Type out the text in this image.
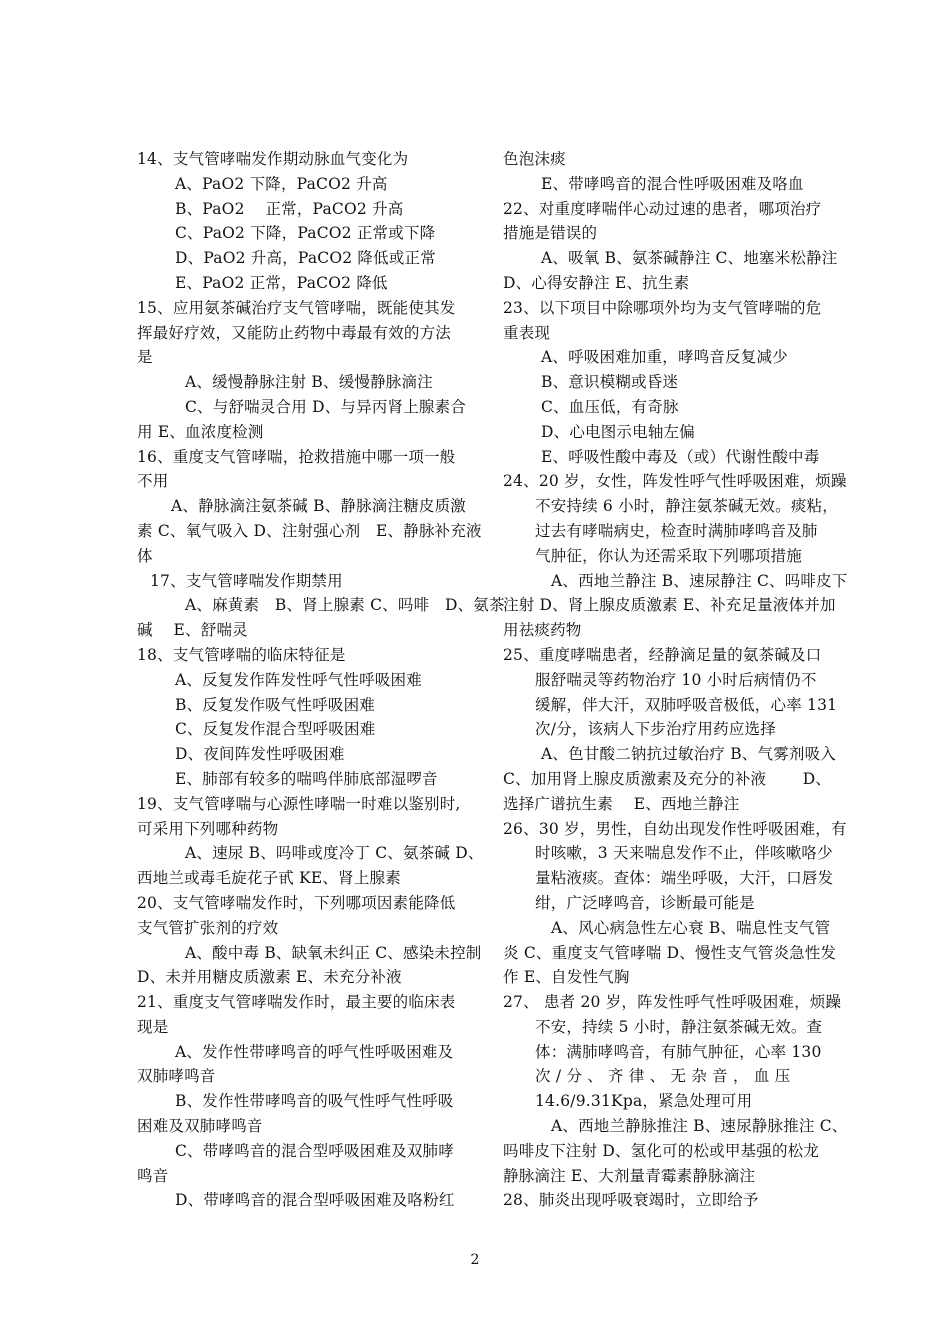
14、支气管哮喘发作期动脉血气变化为
A、PaO2 下降，PaCO2 升高
B、PaO2　 正常，PaCO2 升高
C、PaO2 下降，PaCO2 正常或下降
D、PaO2 升高，PaCO2 降低或正常
E、PaO2 正常，PaCO2 降低
15、应用氨茶碱治疗支气管哮喘，既能使其发
挥最好疗效，又能防止药物中毒最有效的方法
是
A、缓慢静脉注射 B、缓慢静脉滴注
C、与舒喘灵合用 D、与异丙肾上腺素合
用 E、血浓度检测
16、重度支气管哮喘，抢救措施中哪一项一般
不用
A、静脉滴注氨茶碱 B、静脉滴注糖皮质激
素 C、氧气吸入 D、注射强心剂　E、静脉补充液
体
17、支气管哮喘发作期禁用
A、麻黄素　B、肾上腺素 C、吗啡　D、氨茶
碱　 E、舒喘灵
18、支气管哮喘的临床特征是
A、反复发作阵发性呼气性呼吸困难
B、反复发作吸气性呼吸困难
C、反复发作混合型呼吸困难
D、夜间阵发性呼吸困难
E、肺部有较多的喘鸣伴肺底部湿啰音
19、支气管哮喘与心源性哮喘一时难以鉴别时,
可采用下列哪种药物
A、速尿 B、吗啡或度冷丁 C、氨茶碱 D、
西地兰或毒毛旋花子甙 KE、肾上腺素
20、支气管哮喘发作时，下列哪项因素能降低
支气管扩张剂的疗效
A、酸中毒 B、缺氧未纠正 C、感染未控制
D、未并用糖皮质激素 E、未充分补液
21、重度支气管哮喘发作时，最主要的临床表
现是
A、发作性带哮鸣音的呼气性呼吸困难及
双肺哮鸣音
B、发作性带哮鸣音的吸气性呼气性呼吸
困难及双肺哮鸣音
C、带哮鸣音的混合型呼吸困难及双肺哮
鸣音
D、带哮鸣音的混合型呼吸困难及咯粉红
色泡沫痰
E、带哮鸣音的混合性呼吸困难及咯血
22、对重度哮喘伴心动过速的患者，哪项治疗
措施是错误的
A、吸氧 B、氨茶碱静注 C、地塞米松静注
D、心得安静注 E、抗生素
23、以下项目中除哪项外均为支气管哮喘的危
重表现
A、呼吸困难加重，哮鸣音反复减少
B、意识模糊或昏迷
C、血压低，有奇脉
D、心电图示电轴左偏
E、呼吸性酸中毒及（或）代谢性酸中毒
24、20 岁，女性，阵发性呼气性呼吸困难，烦躁
不安持续 6 小时，静注氨茶碱无效。痰粘，
过去有哮喘病史，检查时满肺哮鸣音及肺
气肿征，你认为还需采取下列哪项措施
A、西地兰静注 B、速尿静注 C、吗啡皮下
注射 D、肾上腺皮质激素 E、补充足量液体并加
用祛痰药物
25、重度哮喘患者，经静滴足量的氨茶碱及口
服舒喘灵等药物治疗 10 小时后病情仍不
缓解，伴大汗，双肺呼吸音极低，心率 131
次/分，该病人下步治疗用药应选择
A、色甘酸二钠抗过敏治疗 B、气雾剂吸入
C、加用肾上腺皮质激素及充分的补液　　 D、
选择广谱抗生素　 E、西地兰静注
26、30 岁，男性，自幼出现发作性呼吸困难，有
时咳嗽，3 天来喘息发作不止，伴咳嗽咯少
量粘液痰。查体：端坐呼吸，大汗，口唇发
绀，广泛哮鸣音，诊断最可能是
A、风心病急性左心衰 B、喘息性支气管
炎 C、重度支气管哮喘 D、慢性支气管炎急性发
作 E、自发性气胸
27、 患者 20 岁，阵发性呼气性呼吸困难，烦躁
不安，持续 5 小时，静注氨茶碱无效。查
体：满肺哮鸣音，有肺气肿征，心率 130
次 / 分 、 齐 律 、 无 杂 音 ， 血 压
14.6/9.31Kpa，紧急处理可用
A、西地兰静脉推注 B、速尿静脉推注 C、
吗啡皮下注射 D、氢化可的松或甲基强的松龙
静脉滴注 E、大剂量青霉素静脉滴注
28、肺炎出现呼吸衰竭时，立即给予
2
